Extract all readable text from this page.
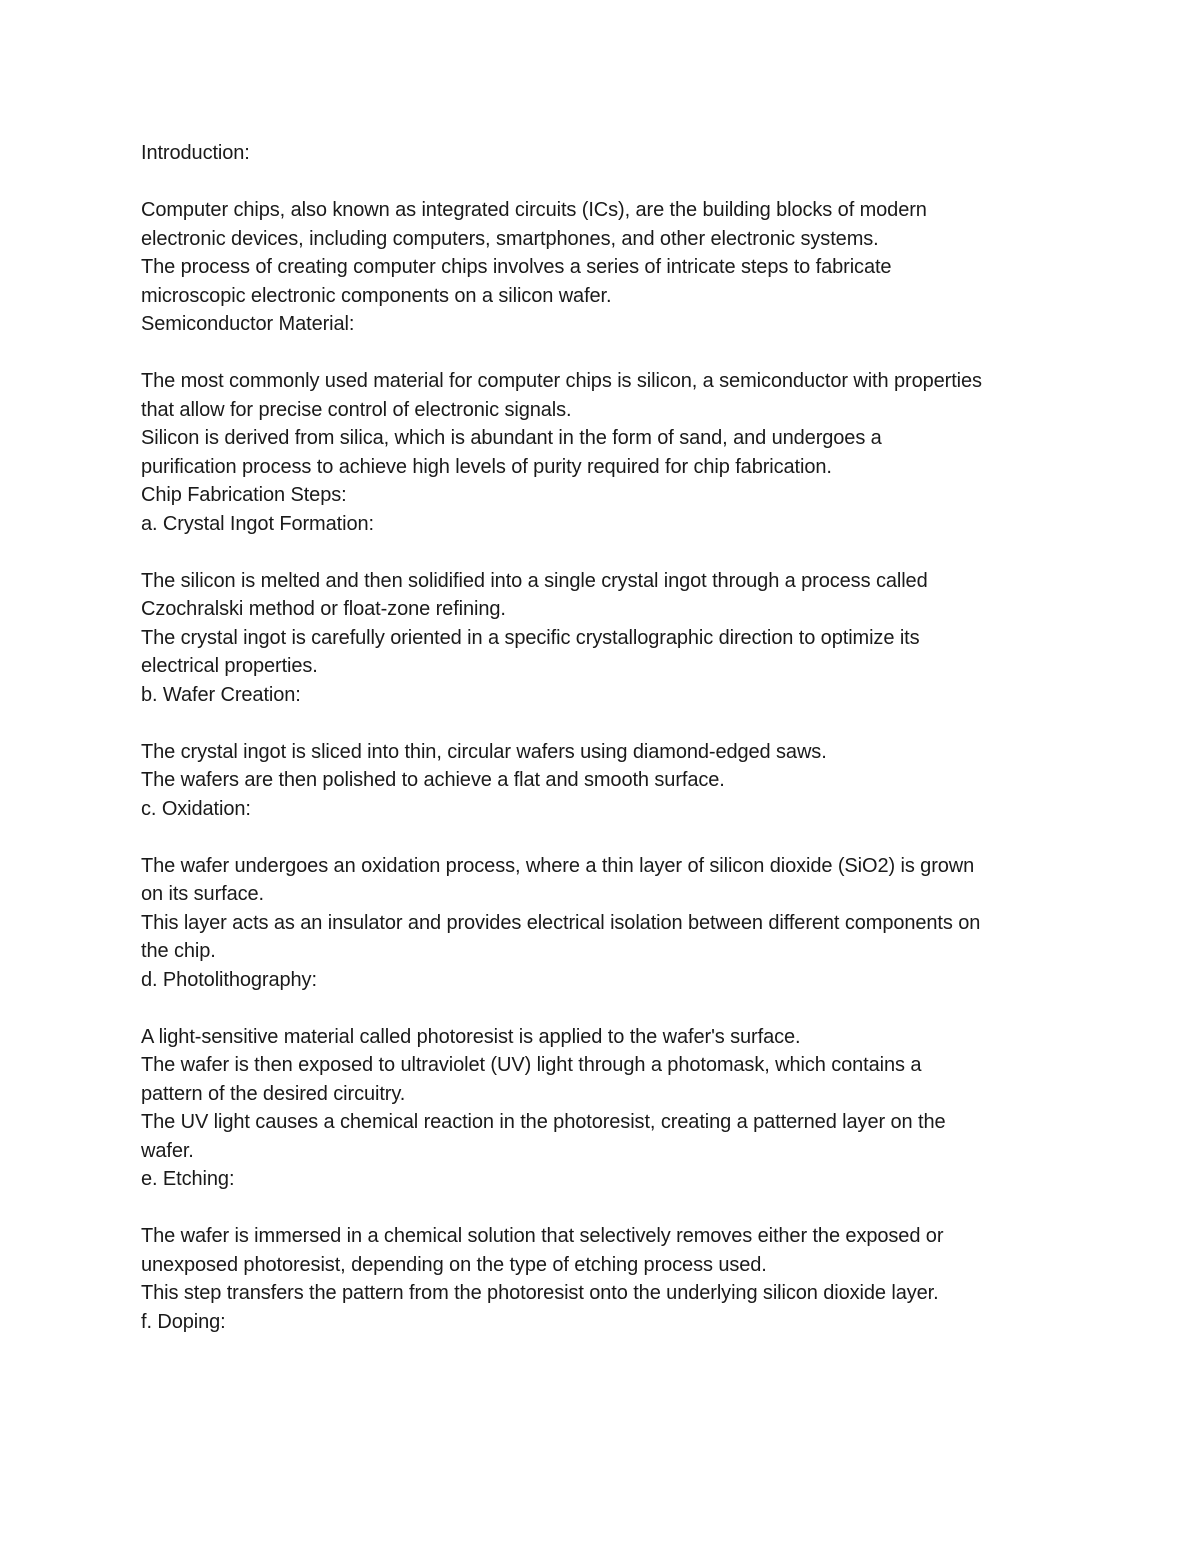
Introduction:
Computer chips, also known as integrated circuits (ICs), are the building blocks of modern
electronic devices, including computers, smartphones, and other electronic systems.
The process of creating computer chips involves a series of intricate steps to fabricate
microscopic electronic components on a silicon wafer.
Semiconductor Material:
The most commonly used material for computer chips is silicon, a semiconductor with properties
that allow for precise control of electronic signals.
Silicon is derived from silica, which is abundant in the form of sand, and undergoes a
purification process to achieve high levels of purity required for chip fabrication.
Chip Fabrication Steps:
a. Crystal Ingot Formation:
The silicon is melted and then solidified into a single crystal ingot through a process called
Czochralski method or float-zone refining.
The crystal ingot is carefully oriented in a specific crystallographic direction to optimize its
electrical properties.
b. Wafer Creation:
The crystal ingot is sliced into thin, circular wafers using diamond-edged saws.
The wafers are then polished to achieve a flat and smooth surface.
c. Oxidation:
The wafer undergoes an oxidation process, where a thin layer of silicon dioxide (SiO2) is grown
on its surface.
This layer acts as an insulator and provides electrical isolation between different components on
the chip.
d. Photolithography:
A light-sensitive material called photoresist is applied to the wafer's surface.
The wafer is then exposed to ultraviolet (UV) light through a photomask, which contains a
pattern of the desired circuitry.
The UV light causes a chemical reaction in the photoresist, creating a patterned layer on the
wafer.
e. Etching:
The wafer is immersed in a chemical solution that selectively removes either the exposed or
unexposed photoresist, depending on the type of etching process used.
This step transfers the pattern from the photoresist onto the underlying silicon dioxide layer.
f. Doping:
